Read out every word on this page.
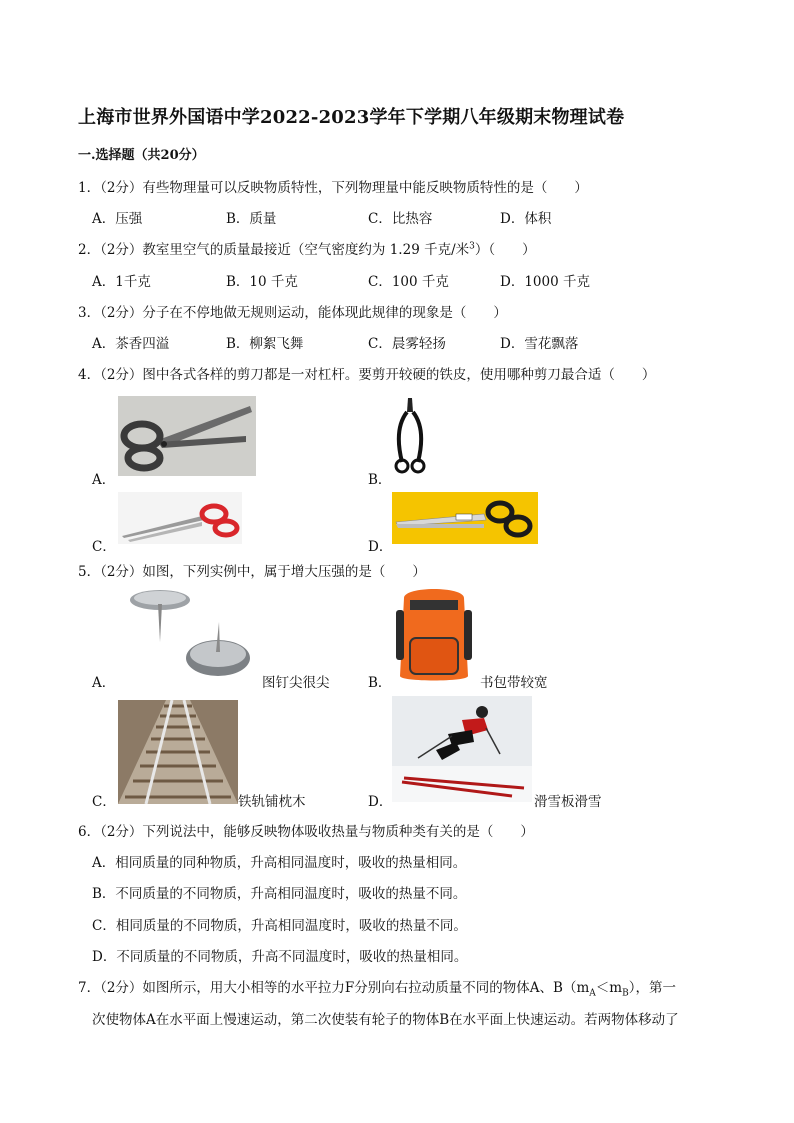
上海市世界外国语中学2022-2023学年下学期八年级期末物理试卷
一.选择题（共20分）
1．（2分）有些物理量可以反映物质特性，下列物理量中能反映物质特性的是（　　）
A．压强	B．质量	C．比热容	D．体积
2．（2分）教室里空气的质量最接近（空气密度约为 1.29 千克/米$^3$）（　　）
A．1千克	B．10 千克	C．100 千克	D．1000 千克
3．（2分）分子在不停地做无规则运动，能体现此规律的现象是（　　）
A．茶香四溢	B．柳絮飞舞	C．晨雾轻扬	D．雪花飘落
4．（2分）图中各式各样的剪刀都是一对杠杆。要剪开较硬的铁皮，使用哪种剪刀最合适（　　）
A．	B．
C．	D．
5．（2分）如图，下列实例中，属于增大压强的是（　　）
A．	图钉尖很尖	B．	书包带较宽
C．	铁轨铺枕木	D．	滑雪板滑雪
6．（2分）下列说法中，能够反映物体吸收热量与物质种类有关的是（　　）
A．相同质量的同种物质，升高相同温度时，吸收的热量相同。
B．不同质量的不同物质，升高相同温度时，吸收的热量不同。
C．相同质量的不同物质，升高相同温度时，吸收的热量不同。
D．不同质量的不同物质，升高不同温度时，吸收的热量相同。
7．（2分）如图所示，用大小相等的水平拉力F分别向右拉动质量不同的物体A、$B(m_A<m_B)$，第一
次使物体A在水平面上慢速运动，第二次使装有轮子的物体B在水平面上快速运动。若两物体移动了
